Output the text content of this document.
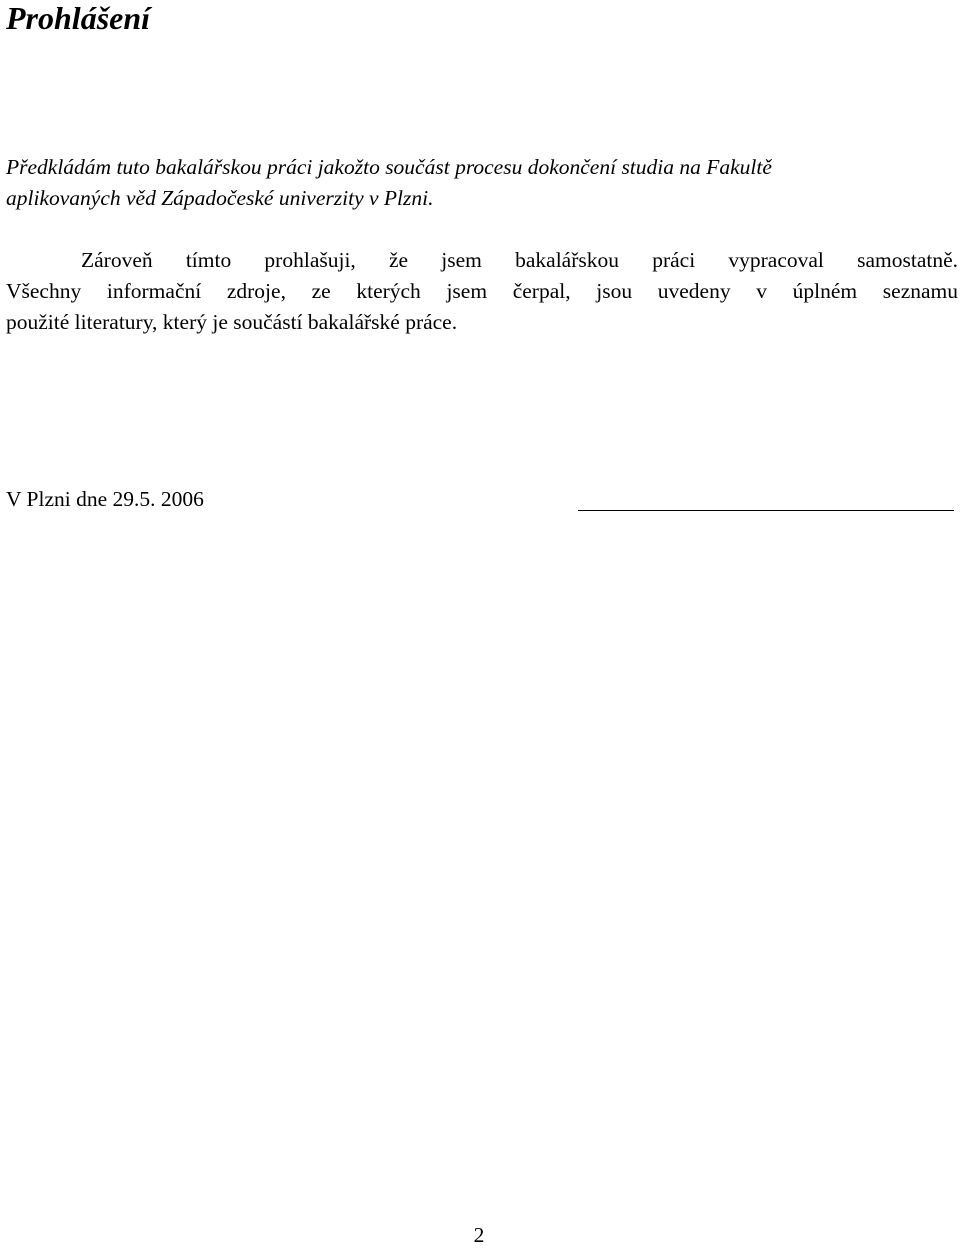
Prohlášení

Předkládám tuto bakalářskou práci jakožto součást procesu dokončení studia na Fakultě
aplikovaných věd Západočeské univerzity v Plzni.

Zároveň tímto prohlašuji, že jsem bakalářskou práci vypracoval samostatně.
Všechny informační zdroje, ze kterých jsem čerpal, jsou uvedeny v úplném seznamu
použité literatury, který je součástí bakalářské práce.

V Plzni dne 29.5. 2006

2
